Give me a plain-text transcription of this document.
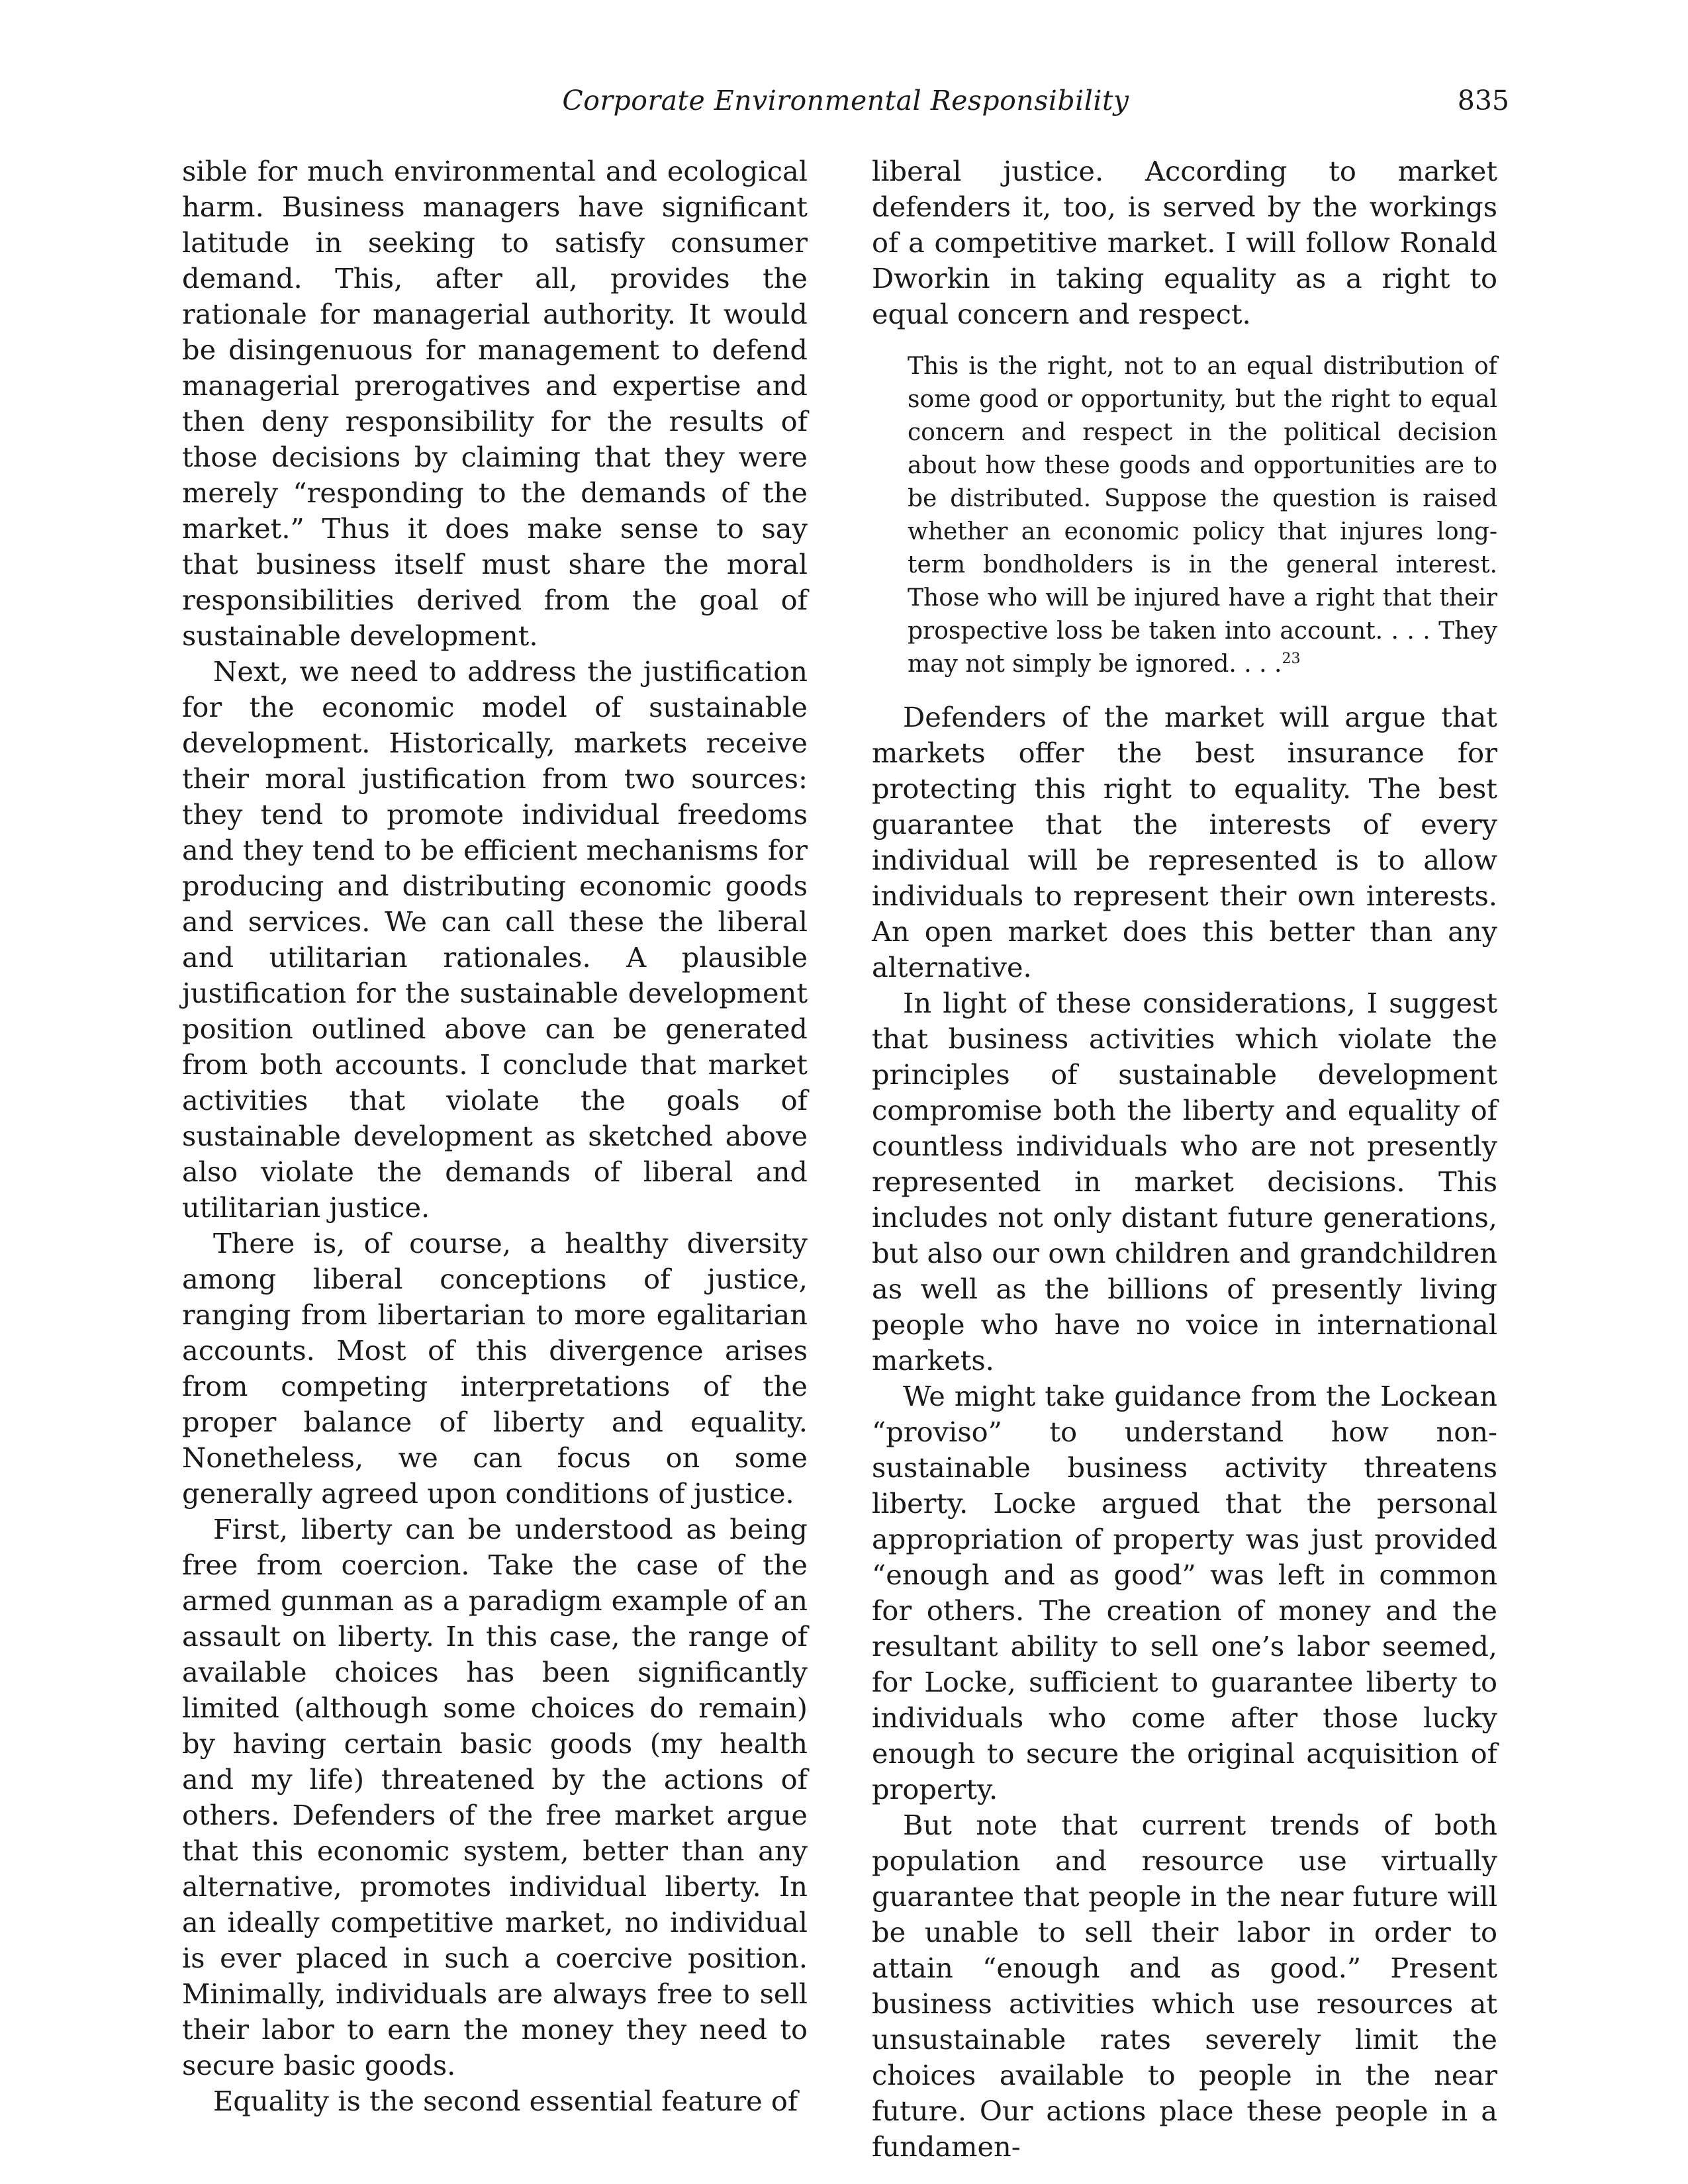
Corporate Environmental Responsibility	835

sible for much environmental and ecological harm. Business managers have significant latitude in seeking to satisfy consumer demand. This, after all, provides the rationale for managerial authority. It would be disingenuous for management to defend managerial prerogatives and expertise and then deny responsibility for the results of those decisions by claiming that they were merely “responding to the demands of the market.” Thus it does make sense to say that business itself must share the moral responsibilities derived from the goal of sustainable development.

Next, we need to address the justification for the economic model of sustainable development. Historically, markets receive their moral justification from two sources: they tend to promote individual freedoms and they tend to be efficient mechanisms for producing and distributing economic goods and services. We can call these the liberal and utilitarian rationales. A plausible justification for the sustainable development position outlined above can be generated from both accounts. I conclude that market activities that violate the goals of sustainable development as sketched above also violate the demands of liberal and utilitarian justice.

There is, of course, a healthy diversity among liberal conceptions of justice, ranging from libertarian to more egalitarian accounts. Most of this divergence arises from competing interpretations of the proper balance of liberty and equality. Nonetheless, we can focus on some generally agreed upon conditions of justice.

First, liberty can be understood as being free from coercion. Take the case of the armed gunman as a paradigm example of an assault on liberty. In this case, the range of available choices has been significantly limited (although some choices do remain) by having certain basic goods (my health and my life) threatened by the actions of others. Defenders of the free market argue that this economic system, better than any alternative, promotes individual liberty. In an ideally competitive market, no individual is ever placed in such a coercive position. Minimally, individuals are always free to sell their labor to earn the money they need to secure basic goods.

Equality is the second essential feature of

liberal justice. According to market defenders it, too, is served by the workings of a competitive market. I will follow Ronald Dworkin in taking equality as a right to equal concern and respect.

This is the right, not to an equal distribution of some good or opportunity, but the right to equal concern and respect in the political decision about how these goods and opportunities are to be distributed. Suppose the question is raised whether an economic policy that injures long-term bondholders is in the general interest. Those who will be injured have a right that their prospective loss be taken into account. . . . They may not simply be ignored. . . .$^{23}$

Defenders of the market will argue that markets offer the best insurance for protecting this right to equality. The best guarantee that the interests of every individual will be represented is to allow individuals to represent their own interests. An open market does this better than any alternative.

In light of these considerations, I suggest that business activities which violate the principles of sustainable development compromise both the liberty and equality of countless individuals who are not presently represented in market decisions. This includes not only distant future generations, but also our own children and grandchildren as well as the billions of presently living people who have no voice in international markets.

We might take guidance from the Lockean “proviso” to understand how non-sustainable business activity threatens liberty. Locke argued that the personal appropriation of property was just provided “enough and as good” was left in common for others. The creation of money and the resultant ability to sell one’s labor seemed, for Locke, sufficient to guarantee liberty to individuals who come after those lucky enough to secure the original acquisition of property.

But note that current trends of both population and resource use virtually guarantee that people in the near future will be unable to sell their labor in order to attain “enough and as good.” Present business activities which use resources at unsustainable rates severely limit the choices available to people in the near future. Our actions place these people in a fundamen-
